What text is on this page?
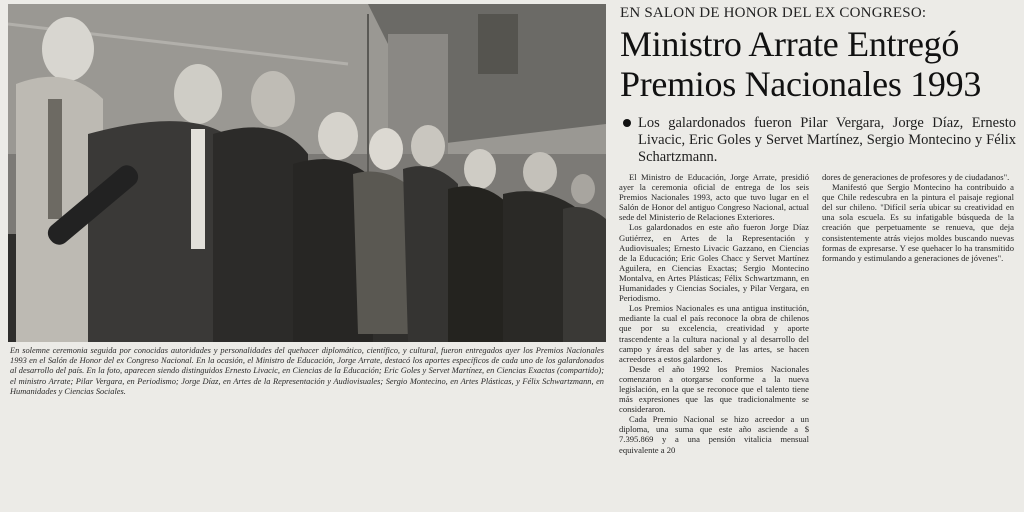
En solemne ceremonia seguida por conocidas autoridades y personalidades del quehacer diplomático, científico, y cultural, fueron entregados ayer los Premios Nacionales 1993 en el Salón de Honor del ex Congreso Nacional. En la ocasión, el Ministro de Educación, Jorge Arrate, destacó los aportes específicos de cada uno de los galardonados al desarrollo del país. En la foto, aparecen siendo distinguidos Ernesto Livacic, en Ciencias de la Educación; Eric Goles y Servet Martínez, en Ciencias Exactas (compartido); el ministro Arrate; Pilar Vergara, en Periodismo; Jorge Díaz, en Artes de la Representación y Audiovisuales; Sergio Montecino, en Artes Plásticas, y Félix Schwartzmann, en Humanidades y Ciencias Sociales.
EN SALON DE HONOR DEL EX CONGRESO:
Ministro Arrate Entregó
Premios Nacionales 1993
Los galardonados fueron Pilar Vergara, Jorge Díaz, Ernesto Livacic, Eric Goles y Servet Martínez, Sergio Montecino y Félix Schartzmann.

El Ministro de Educación, Jorge Arrate, presidió ayer la ceremonia oficial de entrega de los seis Premios Nacionales 1993, acto que tuvo lugar en el Salón de Honor del antiguo Congreso Nacional, actual sede del Ministerio de Relaciones Exteriores.

Los galardonados en este año fueron Jorge Díaz Gutiérrez, en Artes de la Representación y Audiovisuales; Ernesto Livacic Gazzano, en Ciencias de la Educación; Eric Goles Chacc y Servet Martínez Aguilera, en Ciencias Exactas; Sergio Montecino Montalva, en Artes Plásticas; Félix Schwartzmann, en Humanidades y Ciencias Sociales, y Pilar Vergara, en Periodismo.

Los Premios Nacionales es una antigua institución, mediante la cual el país reconoce la obra de chilenos que por su excelencia, creatividad y aporte trascendente a la cultura nacional y al desarrollo del campo y áreas del saber y de las artes, se hacen acreedores a estos galardones.

Desde el año 1992 los Premios Nacionales comenzaron a otorgarse conforme a la nueva legislación, en la que se reconoce que el talento tiene más expresiones que las que tradicionalmente se consideraron.

Cada Premio Nacional se hizo acreedor a un diploma, una suma que este año asciende a $ 7.395.869 y a una pensión vitalicia mensual equivalente a 20

dores de generaciones de profesores y de ciudadanos".

Manifestó que Sergio Montecino ha contribuido a que Chile redescubra en la pintura el paisaje regional del sur chileno. "Difícil sería ubicar su creatividad en una sola escuela. Es su infatigable búsqueda de la creación que perpetuamente se renueva, que deja consistentemente atrás viejos moldes buscando nuevas formas de expresarse. Y ese quehacer lo ha transmitido formando y estimulando a generaciones de jóvenes".
